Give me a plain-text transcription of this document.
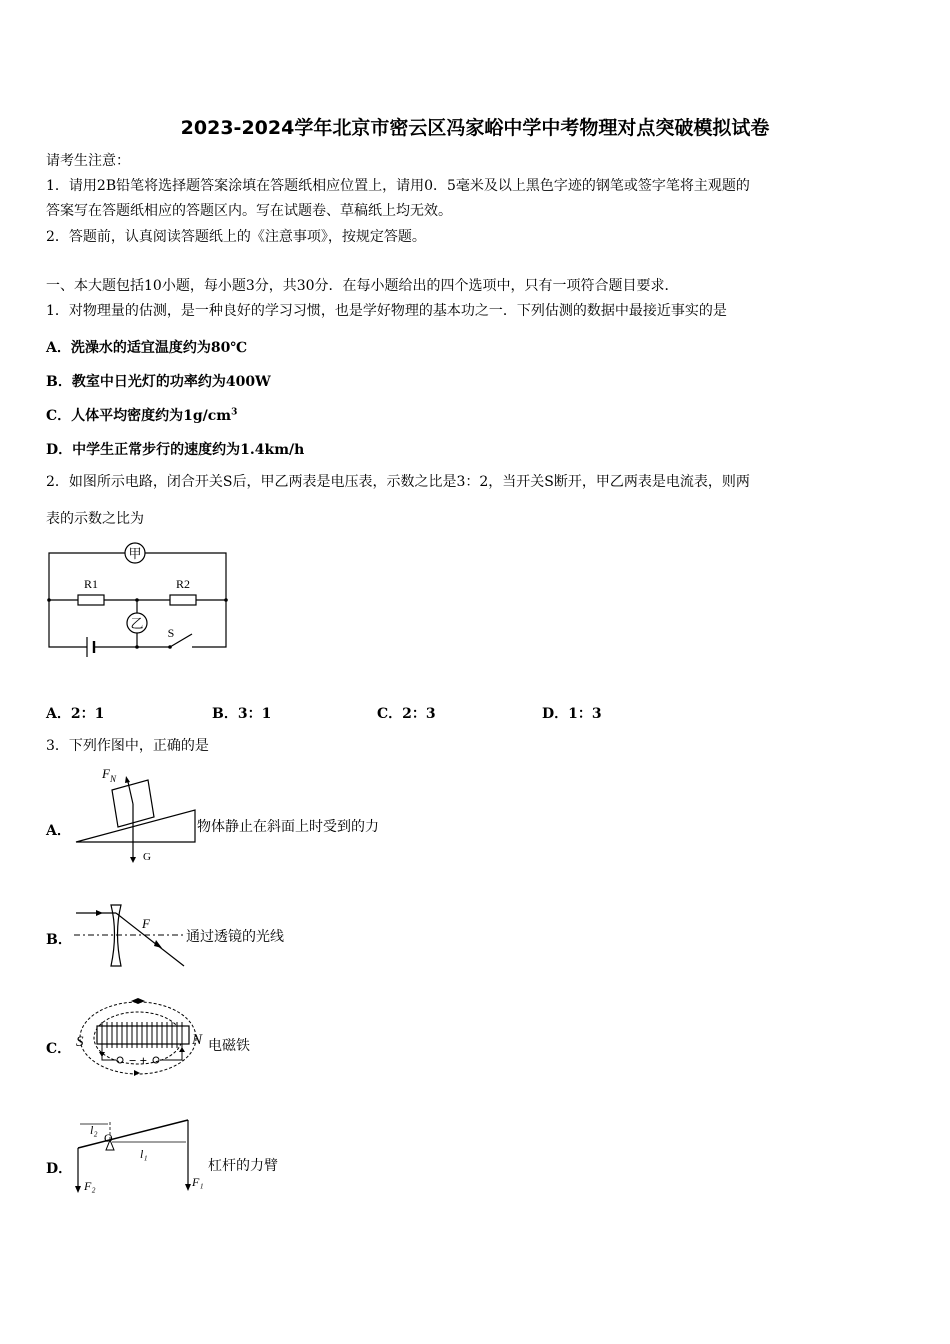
2023-2024学年北京市密云区冯家峪中学中考物理对点突破模拟试卷
请考生注意：
1．请用2B铅笔将选择题答案涂填在答题纸相应位置上，请用0．5毫米及以上黑色字迹的钢笔或签字笔将主观题的
答案写在答题纸相应的答题区内。写在试题卷、草稿纸上均无效。
2．答题前，认真阅读答题纸上的《注意事项》，按规定答题。
一、本大题包括10小题，每小题3分，共30分．在每小题给出的四个选项中，只有一项符合题目要求．
1．对物理量的估测，是一种良好的学习习惯，也是学好物理的基本功之一．下列估测的数据中最接近事实的是
A．洗澡水的适宜温度约为80℃
B．教室中日光灯的功率约为400W
C．人体平均密度约为$1g/cm^3$
D．中学生正常步行的速度约为1.4km/h
2．如图所示电路，闭合开关S后，甲乙两表是电压表，示数之比是3：2，当开关S断开，甲乙两表是电流表，则两
表的示数之比为
甲
乙
R1	R2
S
A．2：1	B．3：1	C．2：3	D．1：3
3．下列作图中，正确的是
A．
F N
G
物体静止在斜面上时受到的力
B．
F
通过透镜的光线
C．
− +
S	N 电磁铁
D．
l₂
O
l₁
F₂	F₁
杠杆的力臂
